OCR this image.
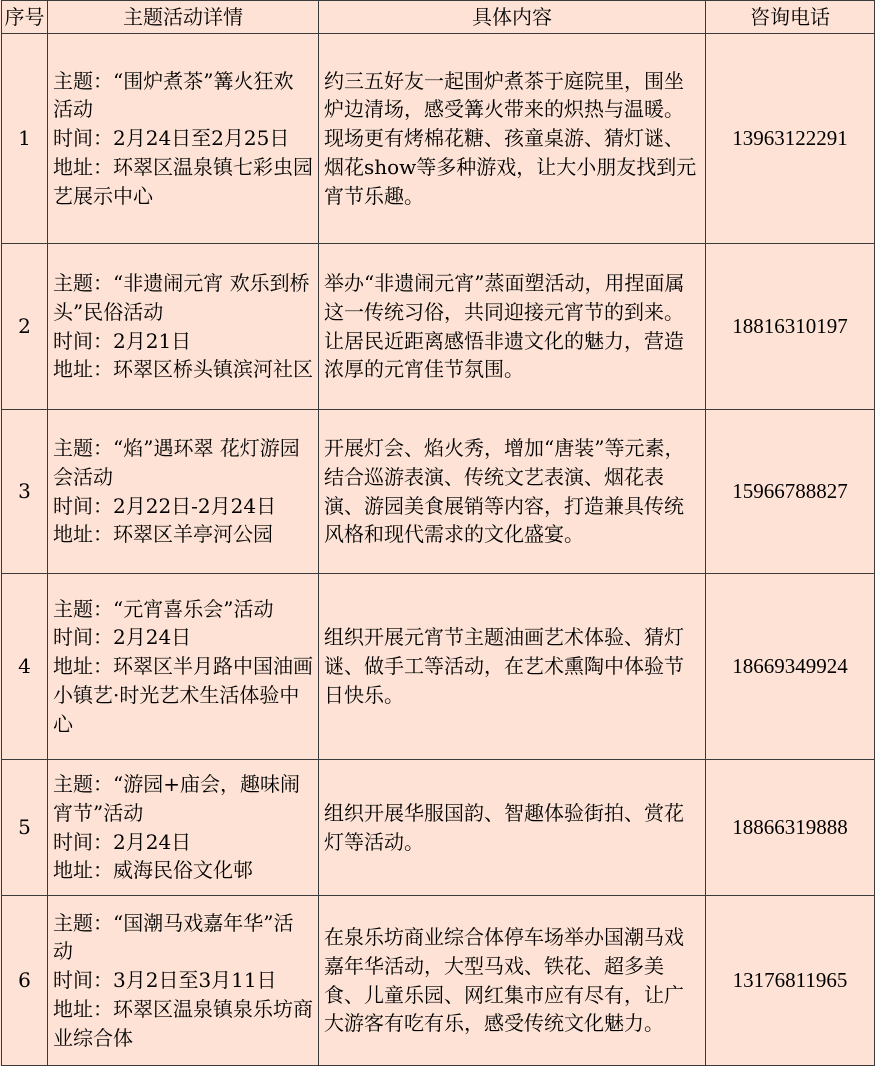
序号	主题活动详情	具体内容	咨询电话
1	主题：“围炉煮茶”篝火狂欢活动
时间：2月24日至2月25日
地址：环翠区温泉镇七彩虫园艺展示中心	约三五好友一起围炉煮茶于庭院里，围坐炉边清场，感受篝火带来的炽热与温暖。现场更有烤棉花糖、孩童桌游、猜灯谜、烟花show等多种游戏，让大小朋友找到元宵节乐趣。	13963122291
2	主题：“非遗闹元宵 欢乐到桥头”民俗活动
时间：2月21日
地址：环翠区桥头镇滨河社区	举办“非遗闹元宵”蒸面塑活动，用捏面属这一传统习俗，共同迎接元宵节的到来。让居民近距离感悟非遗文化的魅力，营造浓厚的元宵佳节氛围。	18816310197
3	主题：“焰”遇环翠 花灯游园会活动
时间：2月22日-2月24日
地址：环翠区羊亭河公园	开展灯会、焰火秀，增加“唐装”等元素，结合巡游表演、传统文艺表演、烟花表演、游园美食展销等内容，打造兼具传统风格和现代需求的文化盛宴。	15966788827
4	主题：“元宵喜乐会”活动
时间：2月24日
地址：环翠区半月路中国油画小镇艺·时光艺术生活体验中心	组织开展元宵节主题油画艺术体验、猜灯谜、做手工等活动，在艺术熏陶中体验节日快乐。	18669349924
5	主题：“游园+庙会，趣味闹宵节”活动
时间：2月24日
地址：威海民俗文化邨	组织开展华服国韵、智趣体验街拍、赏花灯等活动。	18866319888
6	主题：“国潮马戏嘉年华”活动
时间：3月2日至3月11日
地址：环翠区温泉镇泉乐坊商业综合体	在泉乐坊商业综合体停车场举办国潮马戏嘉年华活动，大型马戏、铁花、超多美食、儿童乐园、网红集市应有尽有，让广大游客有吃有乐，感受传统文化魅力。	13176811965
